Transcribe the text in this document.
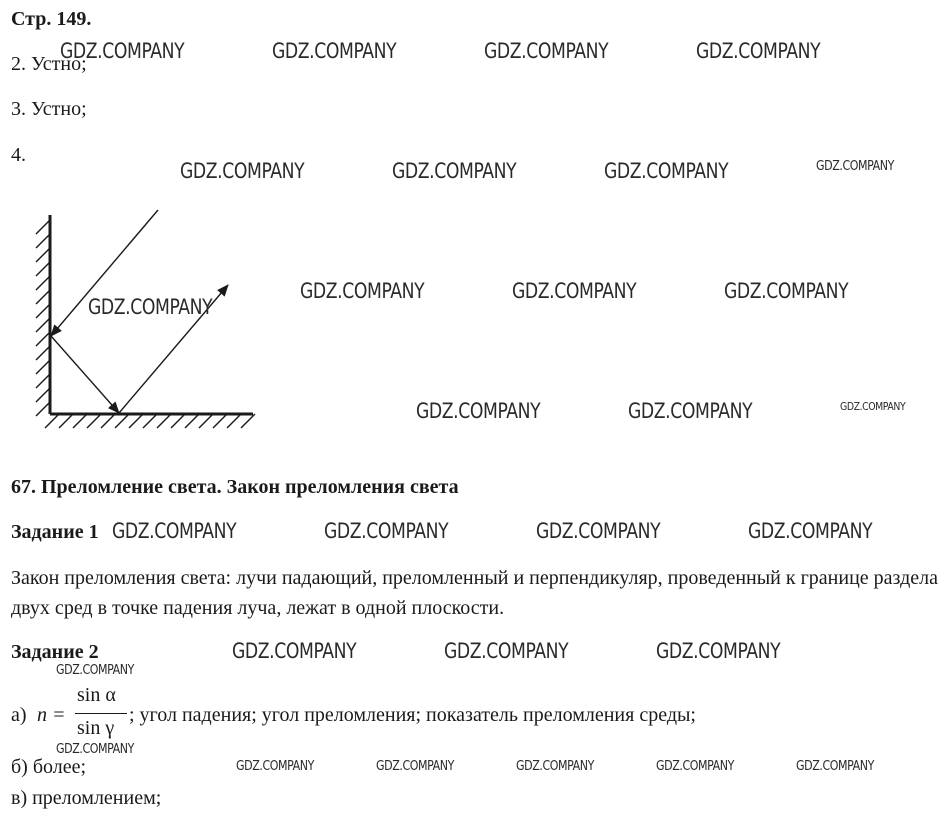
Стр. 149.
2. Устно;
3. Устно;
4.
67. Преломление света. Закон преломления света
Задание 1
Закон преломления света: лучи падающий, преломленный и перпендикуляр, проведенный к границе раздела двух сред в точке падения луча, лежат в одной плоскости.
Задание 2
а) n =
sin α
sin γ
; угол падения; угол преломления; показатель преломления среды;
б) более;
в) преломлением;
GDZ.COMPANY	GDZ.COMPANY	GDZ.COMPANY	GDZ.COMPANY
GDZ.COMPANY	GDZ.COMPANY	GDZ.COMPANY	GDZ.COMPANY
GDZ.COMPANY
GDZ.COMPANY	GDZ.COMPANY	GDZ.COMPANY
GDZ.COMPANY	GDZ.COMPANY	GDZ.COMPANY
GDZ.COMPANY	GDZ.COMPANY	GDZ.COMPANY	GDZ.COMPANY
GDZ.COMPANY	GDZ.COMPANY	GDZ.COMPANY
GDZ.COMPANY
GDZ.COMPANY
GDZ.COMPANY	GDZ.COMPANY	GDZ.COMPANY	GDZ.COMPANY	GDZ.COMPANY
